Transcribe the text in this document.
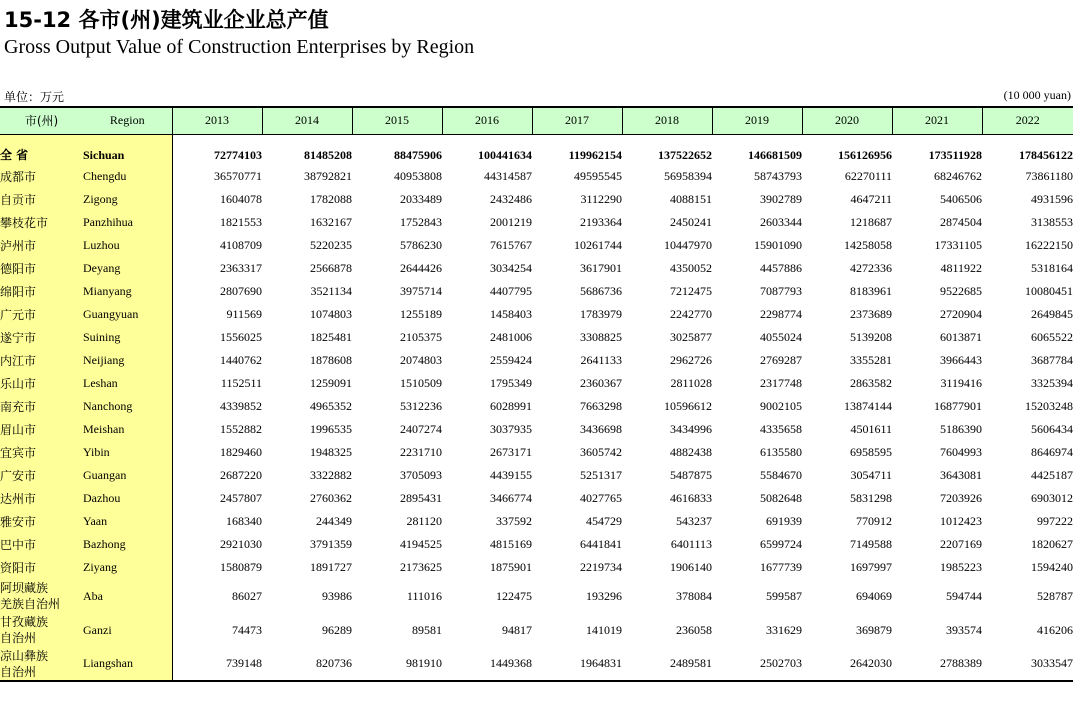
15-12 各市(州)建筑业企业总产值
Gross Output Value of Construction Enterprises by Region
单位：万元	(10 000 yuan)
市(州)	Region	2013	2014	2015	2016	2017	2018	2019	2020	2021	2022
全 省	Sichuan	72774103	81485208	88475906	100441634	119962154	137522652	146681509	156126956	173511928	178456122
成都市	Chengdu	36570771	38792821	40953808	44314587	49595545	56958394	58743793	62270111	68246762	73861180
自贡市	Zigong	1604078	1782088	2033489	2432486	3112290	4088151	3902789	4647211	5406506	4931596
攀枝花市	Panzhihua	1821553	1632167	1752843	2001219	2193364	2450241	2603344	1218687	2874504	3138553
泸州市	Luzhou	4108709	5220235	5786230	7615767	10261744	10447970	15901090	14258058	17331105	16222150
德阳市	Deyang	2363317	2566878	2644426	3034254	3617901	4350052	4457886	4272336	4811922	5318164
绵阳市	Mianyang	2807690	3521134	3975714	4407795	5686736	7212475	7087793	8183961	9522685	10080451
广元市	Guangyuan	911569	1074803	1255189	1458403	1783979	2242770	2298774	2373689	2720904	2649845
遂宁市	Suining	1556025	1825481	2105375	2481006	3308825	3025877	4055024	5139208	6013871	6065522
内江市	Neijiang	1440762	1878608	2074803	2559424	2641133	2962726	2769287	3355281	3966443	3687784
乐山市	Leshan	1152511	1259091	1510509	1795349	2360367	2811028	2317748	2863582	3119416	3325394
南充市	Nanchong	4339852	4965352	5312236	6028991	7663298	10596612	9002105	13874144	16877901	15203248
眉山市	Meishan	1552882	1996535	2407274	3037935	3436698	3434996	4335658	4501611	5186390	5606434
宜宾市	Yibin	1829460	1948325	2231710	2673171	3605742	4882438	6135580	6958595	7604993	8646974
广安市	Guangan	2687220	3322882	3705093	4439155	5251317	5487875	5584670	3054711	3643081	4425187
达州市	Dazhou	2457807	2760362	2895431	3466774	4027765	4616833	5082648	5831298	7203926	6903012
雅安市	Yaan	168340	244349	281120	337592	454729	543237	691939	770912	1012423	997222
巴中市	Bazhong	2921030	3791359	4194525	4815169	6441841	6401113	6599724	7149588	2207169	1820627
资阳市	Ziyang	1580879	1891727	2173625	1875901	2219734	1906140	1677739	1697997	1985223	1594240

阿坝藏族
羌族自治州	Aba	86027	93986	111016	122475	193296	378084	599587	694069	594744	528787

甘孜藏族
自治州	Ganzi	74473	96289	89581	94817	141019	236058	331629	369879	393574	416206

凉山彝族
自治州	Liangshan	739148	820736	981910	1449368	1964831	2489581	2502703	2642030	2788389	3033547
